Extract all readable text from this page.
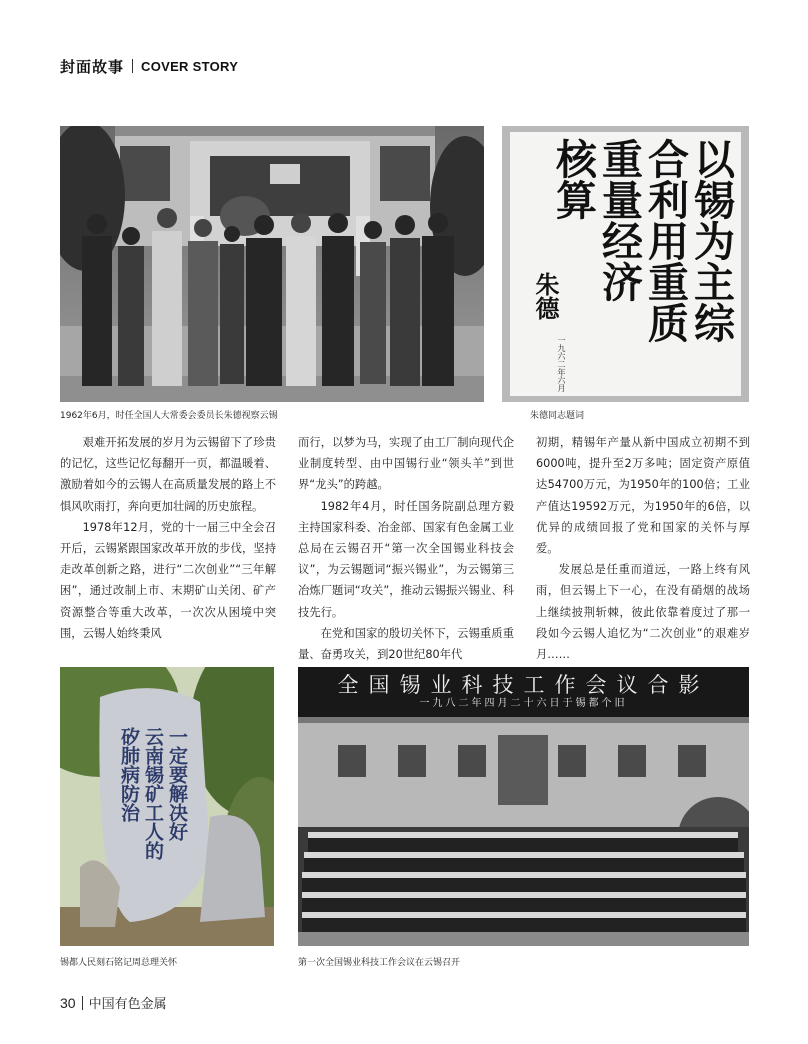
封面故事 COVER STORY
1962年6月，时任全国人大常委会委员长朱德视察云锡
以锡为主综
合利用重质
重量经济
核算
朱德
一九六二年六月
朱德同志题词

艰难开拓发展的岁月为云锡留下了珍贵的记忆，这些记忆每翻开一页，都温暖着、激励着如今的云锡人在高质量发展的路上不惧风吹雨打，奔向更加壮阔的历史旅程。

1978年12月，党的十一届三中全会召开后，云锡紧跟国家改革开放的步伐，坚持走改革创新之路，进行“二次创业”“三年解困”，通过改制上市、末期矿山关闭、矿产资源整合等重大改革，一次次从困境中突围，云锡人始终秉风

而行，以梦为马，实现了由工厂制向现代企业制度转型、由中国锡行业“领头羊”到世界“龙头”的跨越。

1982年4月，时任国务院副总理方毅主持国家科委、冶金部、国家有色金属工业总局在云锡召开“第一次全国锡业科技会议”，为云锡题词“振兴锡业”，为云锡第三冶炼厂题词“攻关”，推动云锡振兴锡业、科技先行。

在党和国家的殷切关怀下，云锡重质重量、奋勇攻关，到20世纪80年代

初期，精锡年产量从新中国成立初期不到6000吨，提升至2万多吨；固定资产原值达54700万元，为1950年的100倍；工业产值达19592万元，为1950年的6倍，以优异的成绩回报了党和国家的关怀与厚爱。

发展总是任重而道远，一路上终有风雨，但云锡上下一心，在没有硝烟的战场上继续披荆斩棘，彼此依靠着度过了那一段如今云锡人追忆为“二次创业”的艰难岁月……

一定要解决好
云南锡矿工人的
矽肺病防治
锡都人民刻石铭记周总理关怀
全国锡业科技工作会议合影
一九八二年四月二十六日于锡都个旧
第一次全国锡业科技工作会议在云锡召开
30 中国有色金属
